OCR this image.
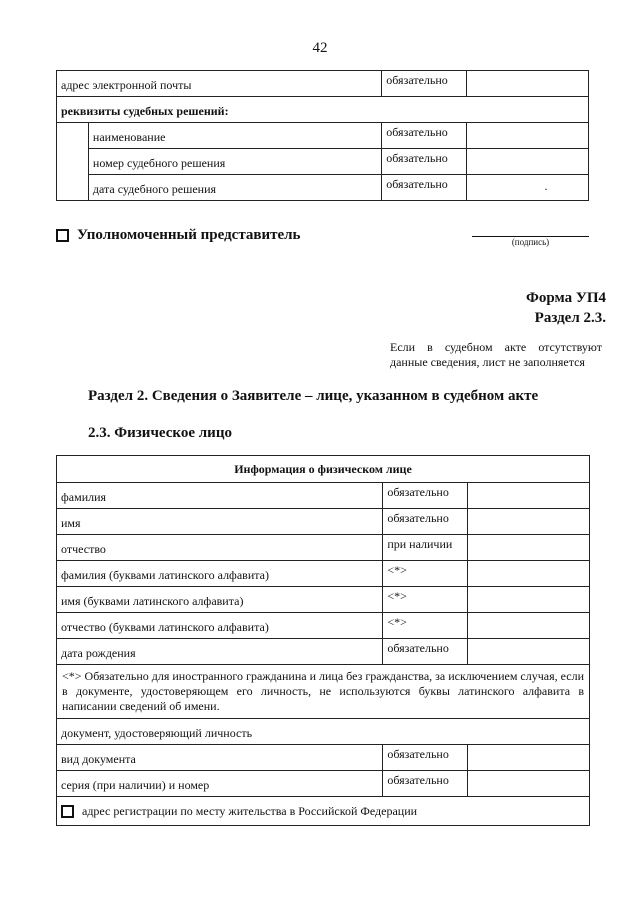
42
адрес электронной почты		обязательно	
реквизиты судебных решений:			
	наименование	обязательно	
	номер судебного решения	обязательно	
	дата судебного решения	обязательно	·
Уполномоченный представитель	(подпись)
Форма УП4
Раздел 2.3.
Если в судебном акте отсутствуют данные сведения, лист не заполняется
Раздел 2. Сведения о Заявителе – лице, указанном в судебном акте
2.3. Физическое лицо
Информация о физическом лице		
фамилия	обязательно	
имя	обязательно	
отчество	при наличии	
фамилия (буквами латинского алфавита)	<*>	
имя (буквами латинского алфавита)	<*>	
отчество (буквами латинского алфавита)	<*>	
дата рождения	обязательно	
<*> Обязательно для иностранного гражданина и лица без гражданства, за исключением случая, если в документе, удостоверяющем его личность, не используются буквы латинского алфавита в написании сведений об имени.		
документ, удостоверяющий личность		
вид документа	обязательно	
серия (при наличии) и номер	обязательно	
адрес регистрации по месту жительства в Российской Федерации		
